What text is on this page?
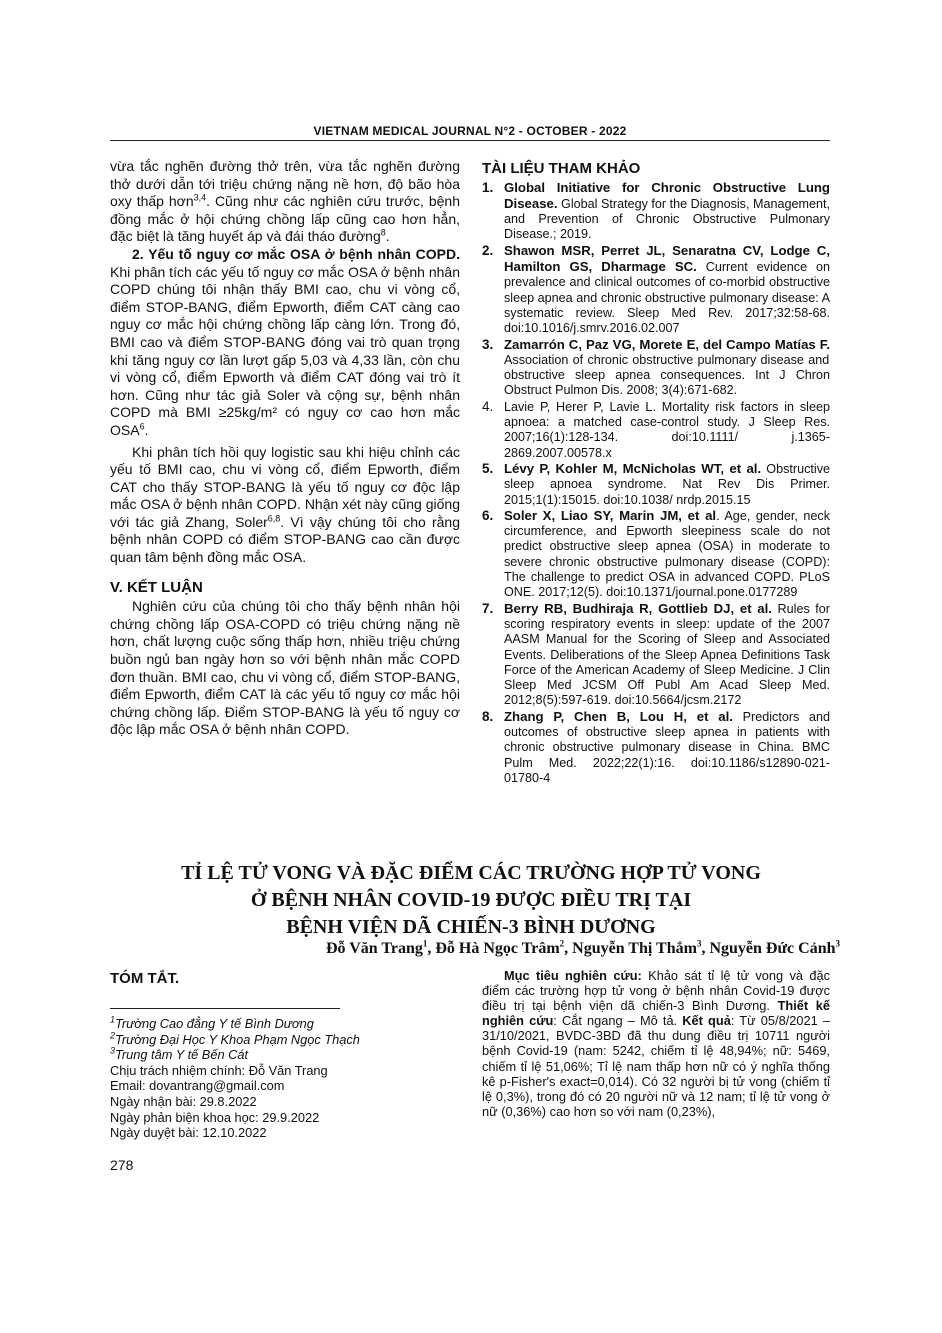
VIETNAM MEDICAL JOURNAL N°2 - OCTOBER - 2022

vừa tắc nghẽn đường thở trên, vừa tắc nghẽn đường thở dưới dẫn tới triệu chứng nặng nề hơn, độ bão hòa oxy thấp hơn$^{3,4}$. Cũng như các nghiên cứu trước, bệnh đồng mắc ở hội chứng chồng lấp cũng cao hơn hẳn, đặc biệt là tăng huyết áp và đái tháo đường$^8$.

2. Yếu tố nguy cơ mắc OSA ở bệnh nhân COPD. Khi phân tích các yếu tố nguy cơ mắc OSA ở bệnh nhân COPD chúng tôi nhận thấy BMI cao, chu vi vòng cổ, điểm STOP-BANG, điểm Epworth, điểm CAT càng cao nguy cơ mắc hội chứng chồng lấp càng lớn. Trong đó, BMI cao và điểm STOP-BANG đóng vai trò quan trọng khi tăng nguy cơ lần lượt gấp 5,03 và 4,33 lần, còn chu vi vòng cổ, điểm Epworth và điểm CAT đóng vai trò ít hơn. Cũng như tác giả Soler và cộng sự, bệnh nhân COPD mà BMI ≥25kg/m² có nguy cơ cao hơn mắc OSA$^6$.

Khi phân tích hồi quy logistic sau khi hiệu chỉnh các yếu tố BMI cao, chu vi vòng cổ, điểm Epworth, điểm CAT cho thấy STOP-BANG là yếu tố nguy cơ độc lập mắc OSA ở bệnh nhân COPD. Nhận xét này cũng giống với tác giả Zhang, Soler$^{6,8}$. Vì vậy chúng tôi cho rằng bệnh nhân COPD có điểm STOP-BANG cao cần được quan tâm bệnh đồng mắc OSA.

V. KẾT LUẬN

Nghiên cứu của chúng tôi cho thấy bệnh nhân hội chứng chồng lấp OSA-COPD có triệu chứng nặng nề hơn, chất lượng cuộc sống thấp hơn, nhiều triệu chứng buồn ngủ ban ngày hơn so với bệnh nhân mắc COPD đơn thuần. BMI cao, chu vi vòng cổ, điểm STOP-BANG, điểm Epworth, điểm CAT là các yếu tố nguy cơ mắc hội chứng chồng lấp. Điểm STOP-BANG là yếu tố nguy cơ độc lập mắc OSA ở bệnh nhân COPD.

TÀI LIỆU THAM KHẢO
1. Global Initiative for Chronic Obstructive Lung Disease. Global Strategy for the Diagnosis, Management, and Prevention of Chronic Obstructive Pulmonary Disease.; 2019.
2. Shawon MSR, Perret JL, Senaratna CV, Lodge C, Hamilton GS, Dharmage SC. Current evidence on prevalence and clinical outcomes of co-morbid obstructive sleep apnea and chronic obstructive pulmonary disease: A systematic review. Sleep Med Rev. 2017;32:58-68. doi:10.1016/j.smrv.2016.02.007
3. Zamarrón C, Paz VG, Morete E, del Campo Matías F. Association of chronic obstructive pulmonary disease and obstructive sleep apnea consequences. Int J Chron Obstruct Pulmon Dis. 2008; 3(4):671-682.
4. Lavie P, Herer P, Lavie L. Mortality risk factors in sleep apnoea: a matched case-control study. J Sleep Res. 2007;16(1):128-134. doi:10.1111/ j.1365-2869.2007.00578.x
5. Lévy P, Kohler M, McNicholas WT, et al. Obstructive sleep apnoea syndrome. Nat Rev Dis Primer. 2015;1(1):15015. doi:10.1038/ nrdp.2015.15
6. Soler X, Liao SY, Marin JM, et al. Age, gender, neck circumference, and Epworth sleepiness scale do not predict obstructive sleep apnea (OSA) in moderate to severe chronic obstructive pulmonary disease (COPD): The challenge to predict OSA in advanced COPD. PLoS ONE. 2017;12(5). doi:10.1371/journal.pone.0177289
7. Berry RB, Budhiraja R, Gottlieb DJ, et al. Rules for scoring respiratory events in sleep: update of the 2007 AASM Manual for the Scoring of Sleep and Associated Events. Deliberations of the Sleep Apnea Definitions Task Force of the American Academy of Sleep Medicine. J Clin Sleep Med JCSM Off Publ Am Acad Sleep Med. 2012;8(5):597-619. doi:10.5664/jcsm.2172
8. Zhang P, Chen B, Lou H, et al. Predictors and outcomes of obstructive sleep apnea in patients with chronic obstructive pulmonary disease in China. BMC Pulm Med. 2022;22(1):16. doi:10.1186/s12890-021-01780-4
TỈ LỆ TỬ VONG VÀ ĐẶC ĐIỂM CÁC TRƯỜNG HỢP TỬ VONG
Ở BỆNH NHÂN COVID-19 ĐƯỢC ĐIỀU TRỊ TẠI
BỆNH VIỆN DÃ CHIẾN-3 BÌNH DƯƠNG
Đỗ Văn Trang$^1$, Đỗ Hà Ngọc Trâm$^2$, Nguyễn Thị Thắm$^3$, Nguyễn Đức Cảnh$^3$
TÓM TẮT.
$^1$Trường Cao đẳng Y tế Bình Dương
$^2$Trường Đại Học Y Khoa Phạm Ngọc Thạch
$^3$Trung tâm Y tế Bến Cát
Chịu trách nhiệm chính: Đỗ Văn Trang
Email: dovantrang@gmail.com
Ngày nhận bài: 29.8.2022
Ngày phản biện khoa học: 29.9.2022
Ngày duyệt bài: 12.10.2022
Mục tiêu nghiên cứu: Khảo sát tỉ lệ tử vong và đặc điểm các trường hợp tử vong ở bệnh nhân Covid-19 được điều trị tại bệnh viện dã chiến-3 Bình Dương. Thiết kế nghiên cứu: Cắt ngang – Mô tả. Kết quả: Từ 05/8/2021 – 31/10/2021, BVDC-3BD đã thu dung điều trị 10711 người bệnh Covid-19 (nam: 5242, chiếm tỉ lệ 48,94%; nữ: 5469, chiếm tỉ lệ 51,06%; Tỉ lệ nam thấp hơn nữ có ý nghĩa thống kê p-Fisher's exact=0,014). Có 32 người bị tử vong (chiếm tỉ lệ 0,3%), trong đó có 20 người nữ và 12 nam; tỉ lệ tử vong ở nữ (0,36%) cao hơn so với nam (0,23%),
278
